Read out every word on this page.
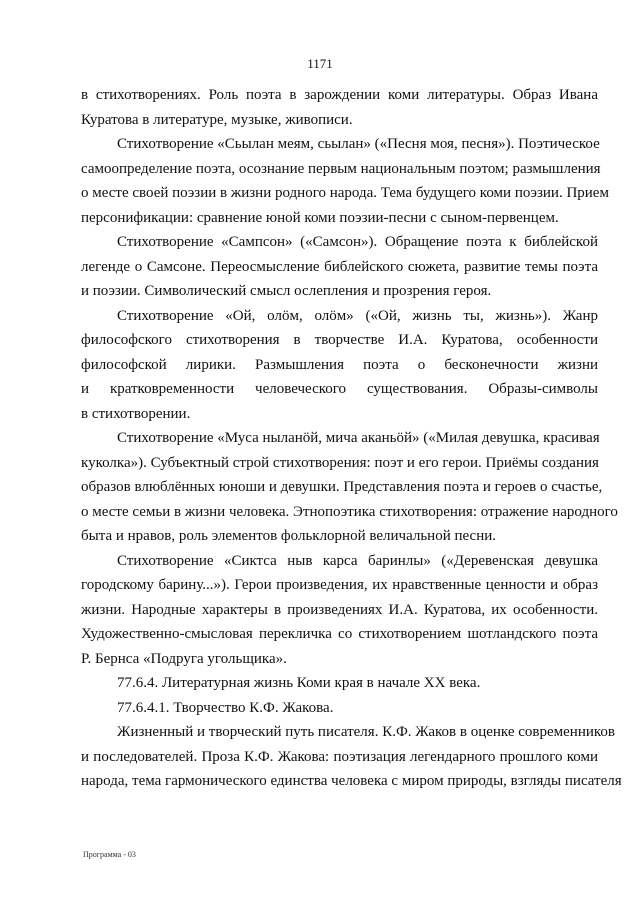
1171
в стихотворениях. Роль поэта в зарождении коми литературы. Образ Ивана
Куратова в литературе, музыке, живописи.
Стихотворение «Сьылан меям, сьылан» («Песня моя, песня»). Поэтическое
самоопределение поэта, осознание первым национальным поэтом; размышления
о месте своей поэзии в жизни родного народа. Тема будущего коми поэзии. Прием
персонификации: сравнение юной коми поэзии-песни с сыном-первенцем.
Стихотворение «Сампсон» («Самсон»). Обращение поэта к библейской
легенде о Самсоне. Переосмысление библейского сюжета, развитие темы поэта
и поэзии. Символический смысл ослепления и прозрения героя.
Стихотворение «Ой, олӧм, олӧм» («Ой, жизнь ты, жизнь»). Жанр
философского стихотворения в творчестве И.А. Куратова, особенности
философской лирики. Размышления поэта о бесконечности жизни
и кратковременности человеческого существования. Образы-символы
в стихотворении.
Стихотворение «Муса ныланӧй, мича аканьӧй» («Милая девушка, красивая
куколка»). Субъектный строй стихотворения: поэт и его герои. Приёмы создания
образов влюблённых юноши и девушки. Представления поэта и героев о счастье,
о месте семьи в жизни человека. Этнопоэтика стихотворения: отражение народного
быта и нравов, роль элементов фольклорной величальной песни.
Стихотворение «Сиктса ныв карса баринлы» («Деревенская девушка
городскому барину...»). Герои произведения, их нравственные ценности и образ
жизни. Народные характеры в произведениях И.А. Куратова, их особенности.
Художественно-смысловая перекличка со стихотворением шотландского поэта
Р. Бернса «Подруга угольщика».
77.6.4. Литературная жизнь Коми края в начале XX века.
77.6.4.1. Творчество К.Ф. Жакова.
Жизненный и творческий путь писателя. К.Ф. Жаков в оценке современников
и последователей. Проза К.Ф. Жакова: поэтизация легендарного прошлого коми
народа, тема гармонического единства человека с миром природы, взгляды писателя
Программа - 03
